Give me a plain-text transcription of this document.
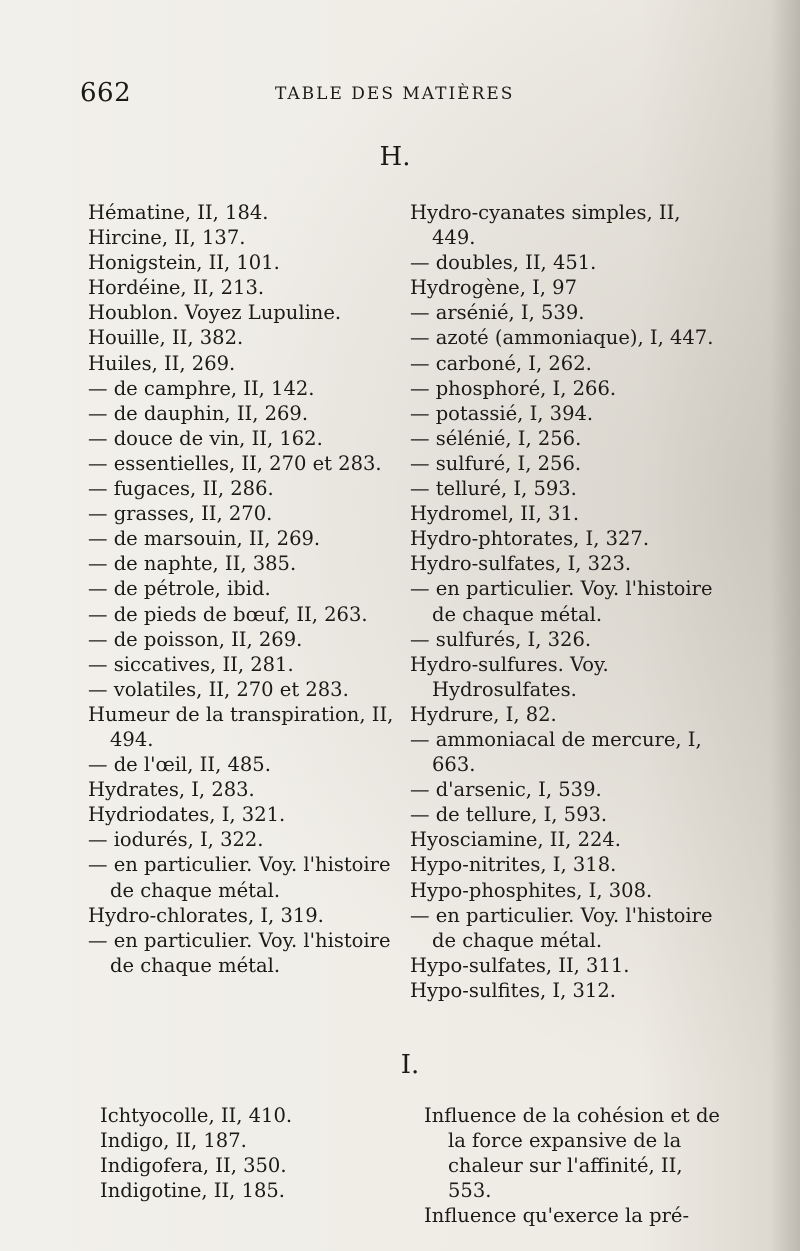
662	TABLE DES MATIÈRES
H.
Hématine, II, 184.
Hircine, II, 137.
Honigstein, II, 101.
Hordéine, II, 213.
Houblon. Voyez Lupuline.
Houille, II, 382.
Huiles, II, 269.
— de camphre, II, 142.
— de dauphin, II, 269.
— douce de vin, II, 162.
— essentielles, II, 270 et 283.
— fugaces, II, 286.
— grasses, II, 270.
— de marsouin, II, 269.
— de naphte, II, 385.
— de pétrole, ibid.
— de pieds de bœuf, II, 263.
— de poisson, II, 269.
— siccatives, II, 281.
— volatiles, II, 270 et 283.
Humeur de la transpiration, II, 494.
— de l'œil, II, 485.
Hydrates, I, 283.
Hydriodates, I, 321.
— iodurés, I, 322.
— en particulier. Voy. l'histoire de chaque métal.
Hydro-chlorates, I, 319.
— en particulier. Voy. l'histoire de chaque métal.
Hydro-cyanates simples, II, 449.
— doubles, II, 451.
Hydrogène, I, 97
— arsénié, I, 539.
— azoté (ammoniaque), I, 447.
— carboné, I, 262.
— phosphoré, I, 266.
— potassié, I, 394.
— sélénié, I, 256.
— sulfuré, I, 256.
— telluré, I, 593.
Hydromel, II, 31.
Hydro-phtorates, I, 327.
Hydro-sulfates, I, 323.
— en particulier. Voy. l'histoire de chaque métal.
— sulfurés, I, 326.
Hydro-sulfures. Voy. Hydrosulfates.
Hydrure, I, 82.
— ammoniacal de mercure, I, 663.
— d'arsenic, I, 539.
— de tellure, I, 593.
Hyosciamine, II, 224.
Hypo-nitrites, I, 318.
Hypo-phosphites, I, 308.
— en particulier. Voy. l'histoire de chaque métal.
Hypo-sulfates, II, 311.
Hypo-sulfites, I, 312.
I.
Ichtyocolle, II, 410.
Indigo, II, 187.
Indigofera, II, 350.
Indigotine, II, 185.
Influence de la cohésion et de la force expansive de la chaleur sur l'affinité, II, 553.
Influence qu'exerce la pré-
